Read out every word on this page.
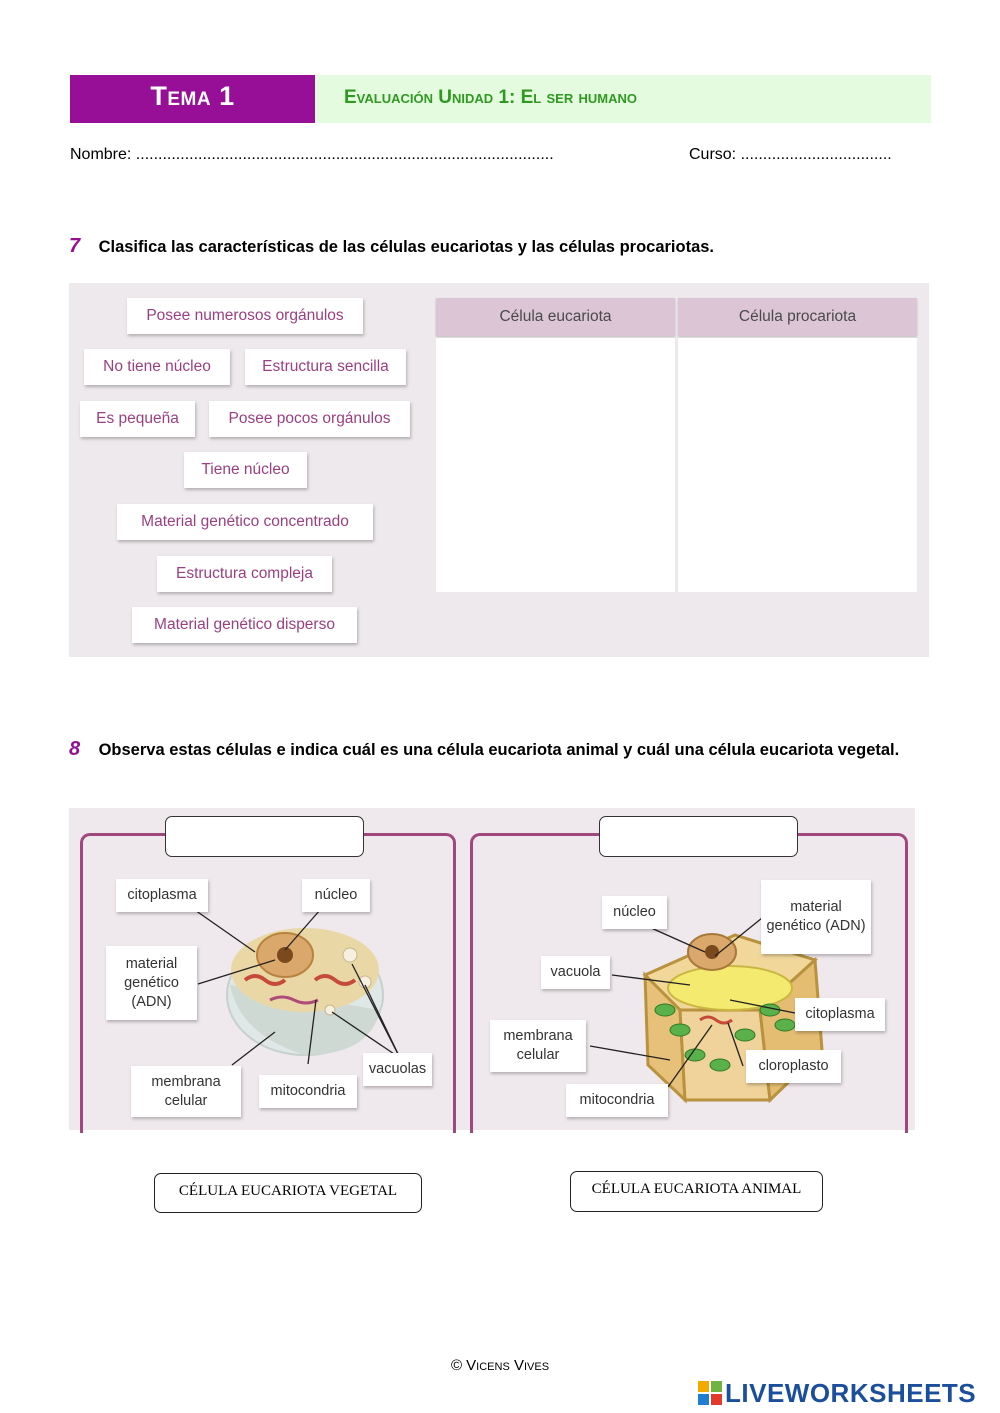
Tema 1	Evaluación Unidad 1: El ser humano
Nombre: ..............................................................................................	Curso: ..................................
7 Clasifica las características de las células eucariotas y las células procariotas.
Posee numerosos orgánulos
No tiene núcleo	Estructura sencilla
Es pequeña	Posee pocos orgánulos
Tiene núcleo
Material genético concentrado
Estructura compleja
Material genético disperso
Célula eucariota	Célula procariota
8 Observa estas células e indica cuál es una célula eucariota animal y cuál una célula eucariota vegetal.
citoplasma	núcleo
material genético (ADN)
membrana celular
mitocondria
vacuolas
núcleo	material genético (ADN)
vacuola
citoplasma
membrana celular
cloroplasto
mitocondria
CÉLULA EUCARIOTA VEGETAL	CÉLULA EUCARIOTA ANIMAL
© Vicens Vives
LIVEWORKSHEETS
